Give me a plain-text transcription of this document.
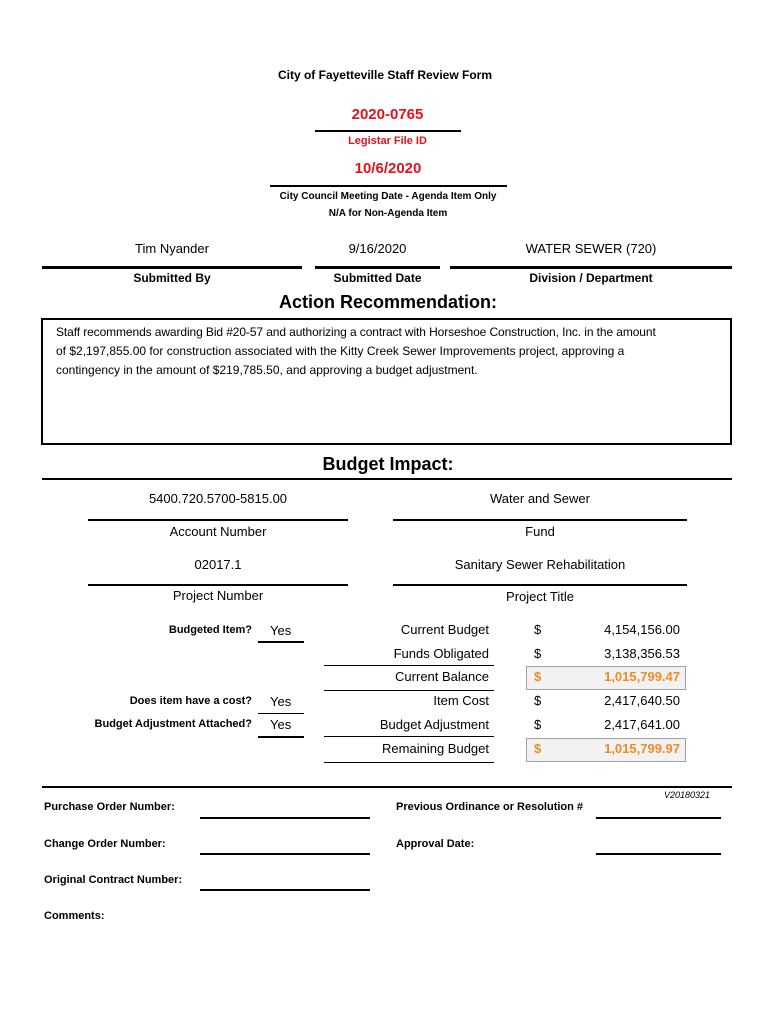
City of Fayetteville Staff Review Form
2020-0765
Legistar File ID
10/6/2020
City Council Meeting Date - Agenda Item Only
N/A for Non-Agenda Item
Tim Nyander
Submitted By
9/16/2020
Submitted Date
WATER SEWER (720)
Division / Department
Action Recommendation:
Staff recommends awarding Bid #20-57 and authorizing a contract with Horseshoe Construction, Inc. in the amount
of $2,197,855.00 for construction associated with the Kitty Creek Sewer Improvements project, approving a
contingency in the amount of $219,785.50, and approving a budget adjustment.
Budget Impact:
5400.720.5700-5815.00
Account Number
Water and Sewer
Fund
02017.1
Project Number
Sanitary Sewer Rehabilitation
Project Title
Budgeted Item? Yes
Does item have a cost? Yes
Budget Adjustment Attached? Yes
Current Budget	$	4,154,156.00
Funds Obligated	$	3,138,356.53
Current Balance	$	1,015,799.47
Item Cost	$	2,417,640.50
Budget Adjustment	$	2,417,641.00
Remaining Budget	$	1,015,799.97
V20180321
Purchase Order Number:	Previous Ordinance or Resolution #
Change Order Number:	Approval Date:
Original Contract Number:
Comments:
